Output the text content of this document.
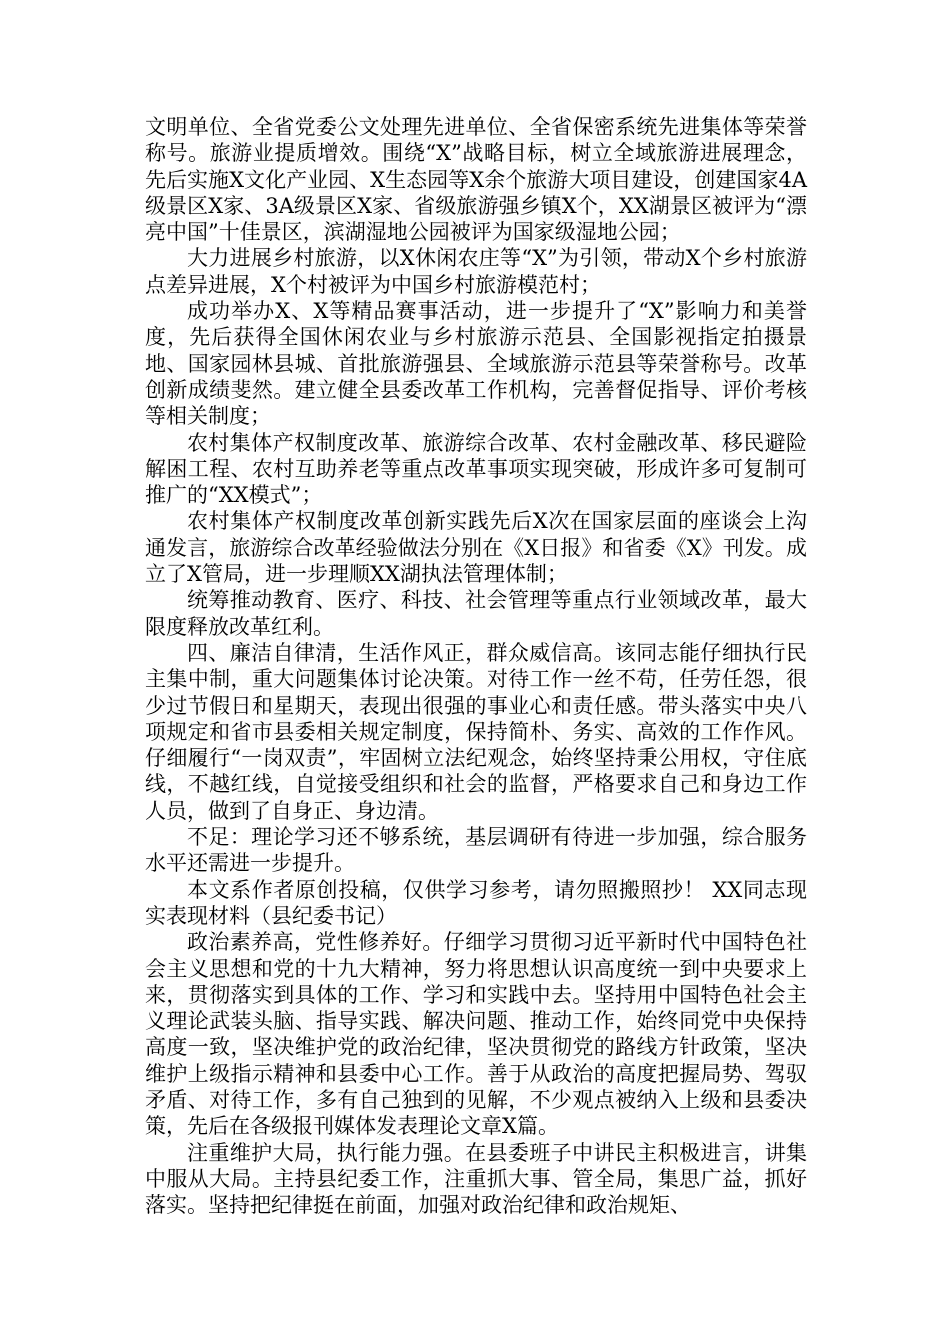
文明单位、全省党委公文处理先进单位、全省保密系统先进集体等荣誉称号。旅游业提质增效。围绕“X”战略目标，树立全域旅游进展理念，先后实施X文化产业园、X生态园等X余个旅游大项目建设，创建国家4A级景区X家、3A级景区X家、省级旅游强乡镇X个，XX湖景区被评为“漂亮中国”十佳景区，滨湖湿地公园被评为国家级湿地公园；

大力进展乡村旅游，以X休闲农庄等“X”为引领，带动X个乡村旅游点差异进展，X个村被评为中国乡村旅游模范村；

成功举办X、X等精品赛事活动，进一步提升了“X”影响力和美誉度，先后获得全国休闲农业与乡村旅游示范县、全国影视指定拍摄景地、国家园林县城、首批旅游强县、全域旅游示范县等荣誉称号。改革创新成绩斐然。建立健全县委改革工作机构，完善督促指导、评价考核等相关制度；

农村集体产权制度改革、旅游综合改革、农村金融改革、移民避险解困工程、农村互助养老等重点改革事项实现突破，形成许多可复制可推广的“XX模式”；

农村集体产权制度改革创新实践先后X次在国家层面的座谈会上沟通发言，旅游综合改革经验做法分别在《X日报》和省委《X》刊发。成立了X管局，进一步理顺XX湖执法管理体制；

统筹推动教育、医疗、科技、社会管理等重点行业领域改革，最大限度释放改革红利。

四、廉洁自律清，生活作风正，群众威信高。该同志能仔细执行民主集中制，重大问题集体讨论决策。对待工作一丝不苟，任劳任怨，很少过节假日和星期天，表现出很强的事业心和责任感。带头落实中央八项规定和省市县委相关规定制度，保持简朴、务实、高效的工作作风。仔细履行“一岗双责”，牢固树立法纪观念，始终坚持秉公用权，守住底线，不越红线，自觉接受组织和社会的监督，严格要求自己和身边工作人员，做到了自身正、身边清。

不足：理论学习还不够系统，基层调研有待进一步加强，综合服务水平还需进一步提升。

本文系作者原创投稿，仅供学习参考，请勿照搬照抄！ XX同志现实表现材料（县纪委书记）

政治素养高，党性修养好。仔细学习贯彻习近平新时代中国特色社会主义思想和党的十九大精神，努力将思想认识高度统一到中央要求上来，贯彻落实到具体的工作、学习和实践中去。坚持用中国特色社会主义理论武装头脑、指导实践、解决问题、推动工作，始终同党中央保持高度一致，坚决维护党的政治纪律，坚决贯彻党的路线方针政策，坚决维护上级指示精神和县委中心工作。善于从政治的高度把握局势、驾驭矛盾、对待工作，多有自己独到的见解，不少观点被纳入上级和县委决策，先后在各级报刊媒体发表理论文章X篇。

注重维护大局，执行能力强。在县委班子中讲民主积极进言，讲集中服从大局。主持县纪委工作，注重抓大事、管全局，集思广益，抓好落实。坚持把纪律挺在前面，加强对政治纪律和政治规矩、
